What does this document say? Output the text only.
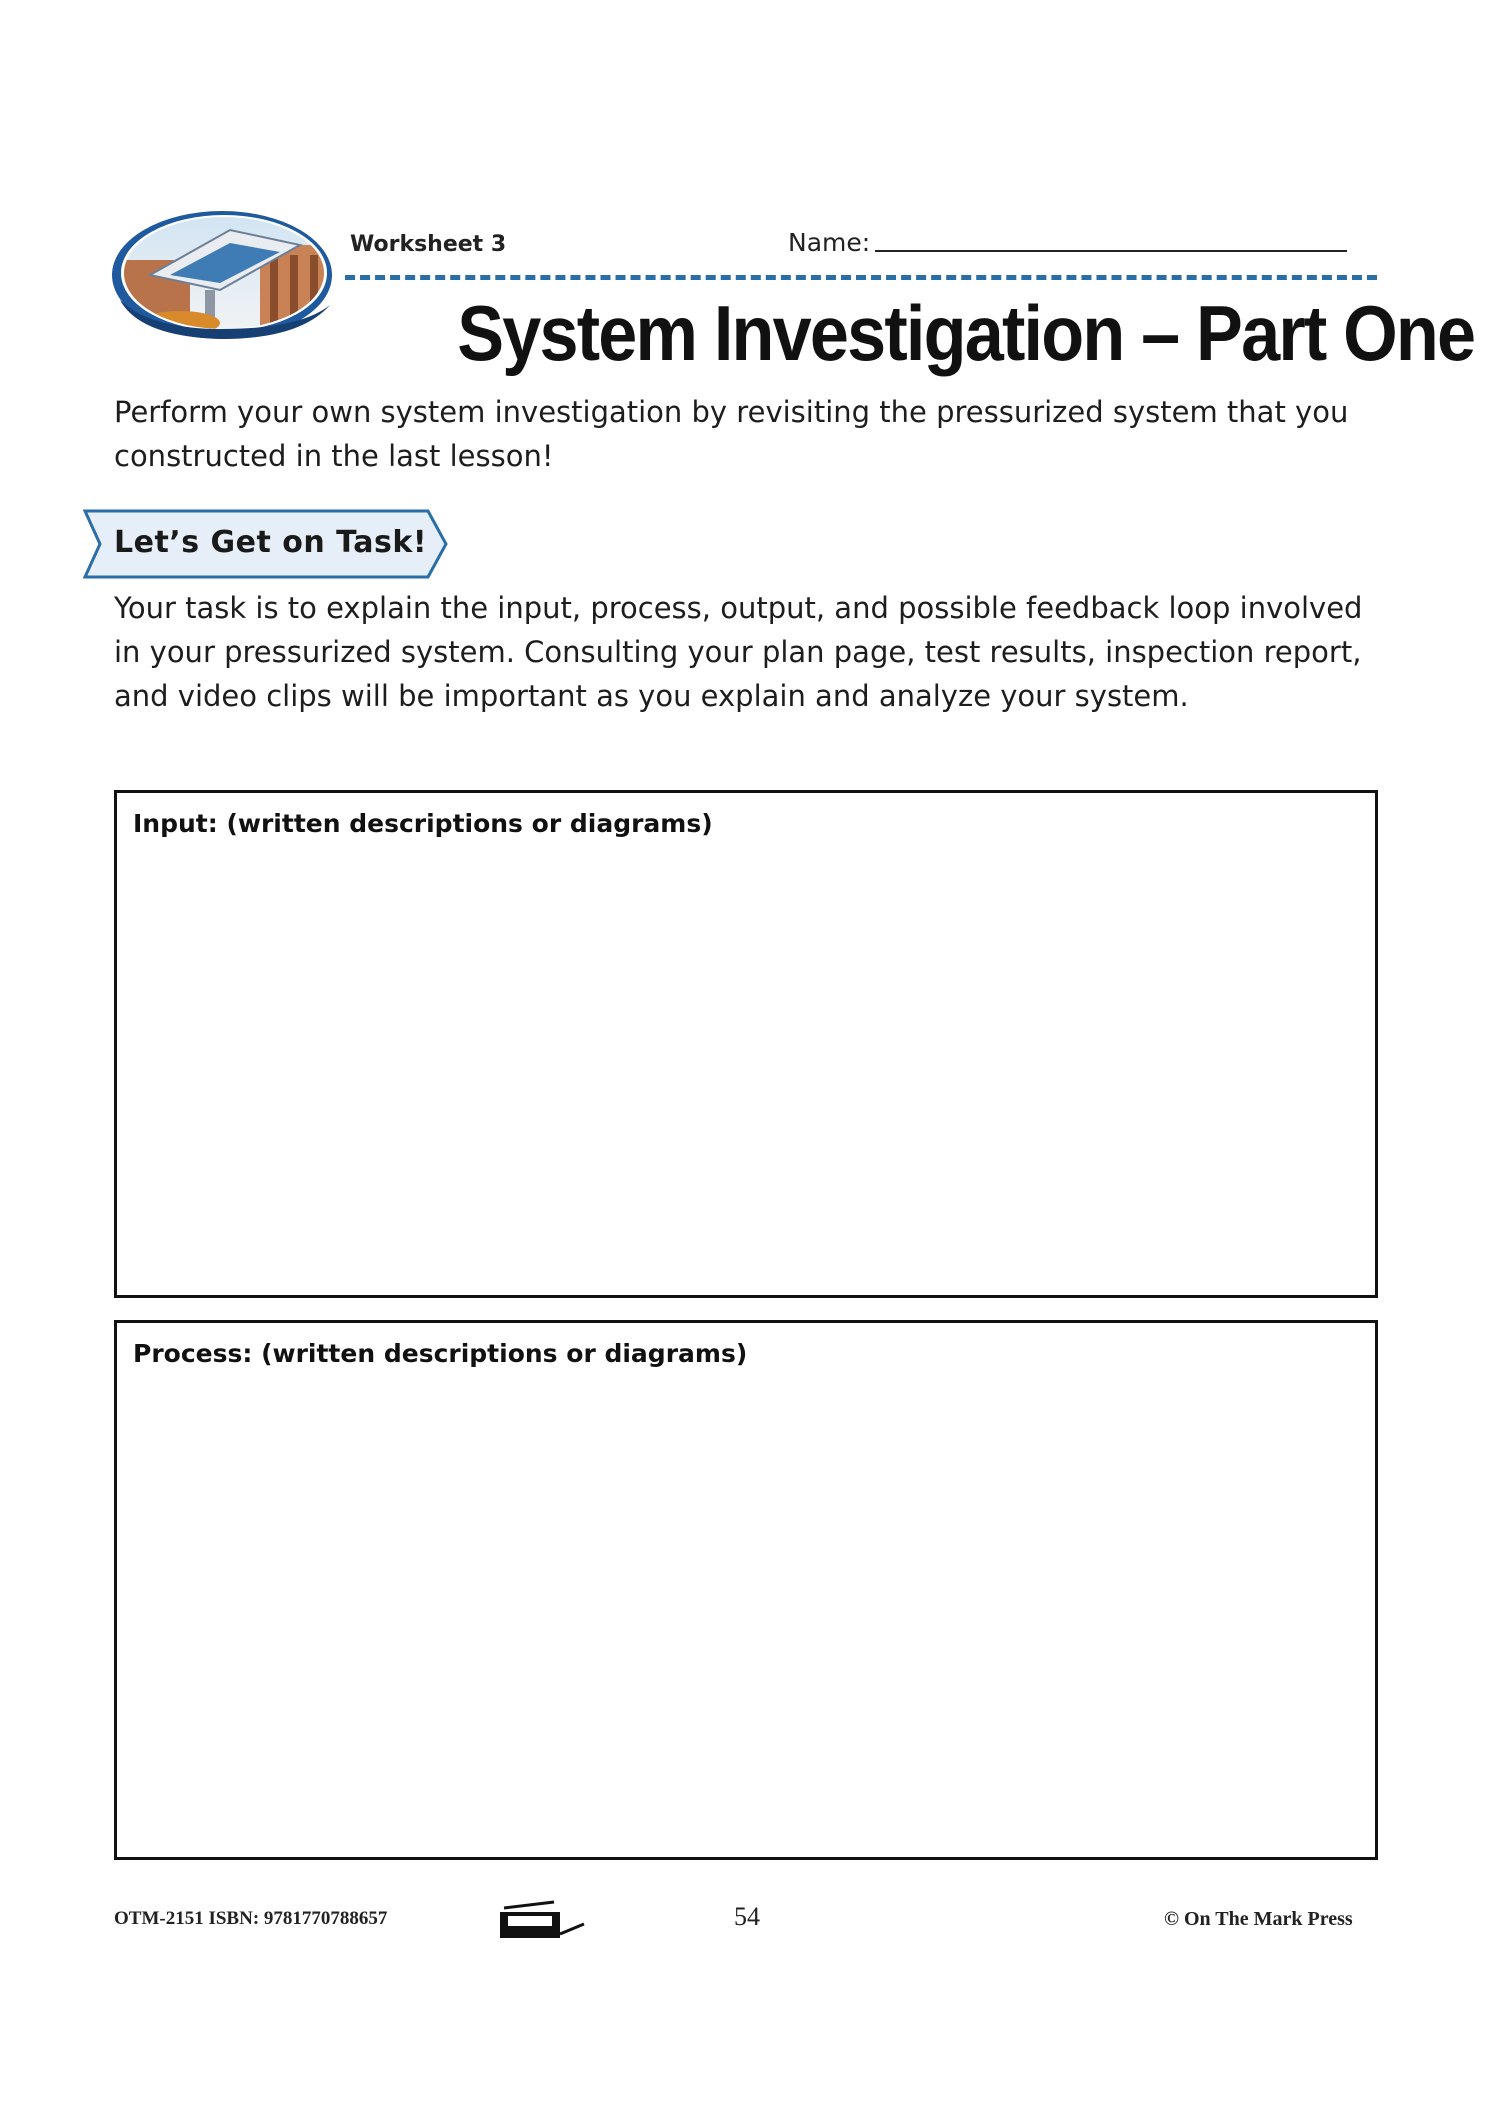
Worksheet 3	Name:
System Investigation – Part One
Perform your own system investigation by revisiting the pressurized system that you constructed in the last lesson!
Let’s Get on Task!
Your task is to explain the input, process, output, and possible feedback loop involved in your pressurized system. Consulting your plan page, test results, inspection report, and video clips will be important as you explain and analyze your system.
Input: (written descriptions or diagrams)
Process: (written descriptions or diagrams)
OTM-2151 ISBN: 9781770788657	54	© On The Mark Press
